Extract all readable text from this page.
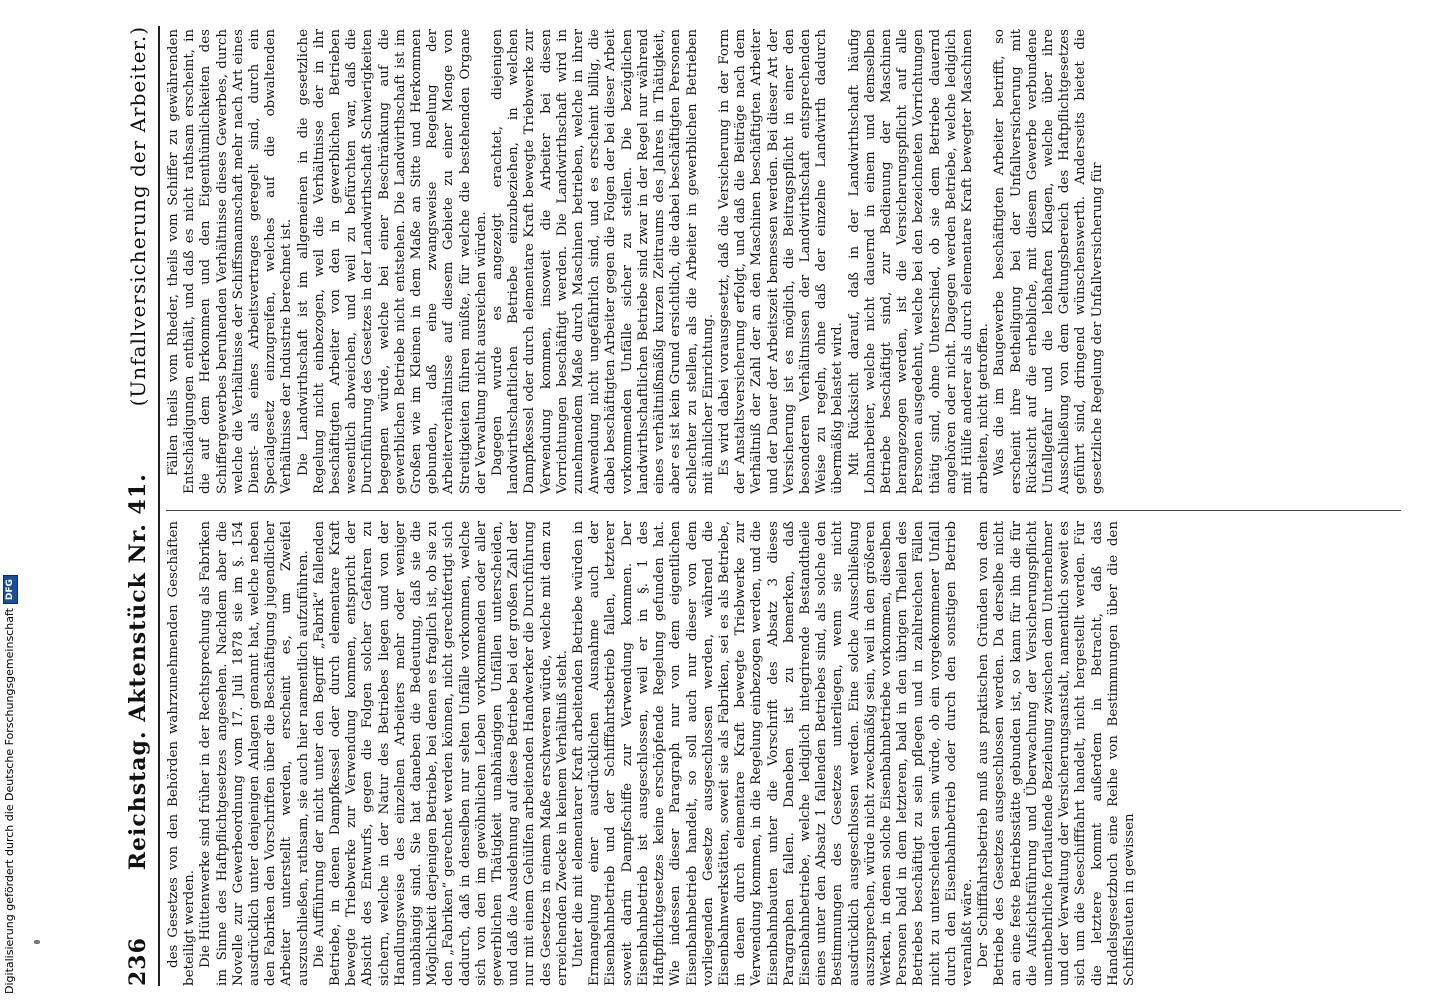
236
Reichstag. Aktenstück Nr. 41.
(Unfallversicherung der Arbeiter.)

des Gesetzes von den Behörden wahrzunehmenden Geschäften beteiligt werden. Die Hüttenwerke sind früher in der Rechtsprechung als Fabriken im Sinne des Haftpflichtgesetzes angesehen. Nachdem aber die Novelle zur Gewerbeordnung vom 17. Juli 1878 sie im §. 154 ausdrücklich unter denjenigen Anlagen genannt hat, welche neben den Fabriken den Vorschriften über die Beschäftigung jugendlicher Arbeiter unterstellt werden, erscheint es, um Zweifel auszuschließen, rathsam, sie auch hier namentlich aufzuführen. Die Aufführung der nicht unter den Begriff „Fabrik“ fallenden Betriebe, in denen Dampfkessel oder durch elementare Kraft bewegte Triebwerke zur Verwendung kommen, entspricht der Absicht des Entwurfs, gegen die Folgen solcher Gefahren zu sichern, welche in der Natur des Betriebes liegen und von der Handlungsweise des einzelnen Arbeiters mehr oder weniger unabhängig sind. Sie hat daneben die Bedeutung, daß sie die Möglichkeit derjenigen Betriebe, bei denen es fraglich ist, ob sie zu den „Fabriken“ gerechnet werden können, nicht gerechtfertigt sich dadurch, daß in denselben nur selten Unfälle vorkommen, welche sich von den im gewöhnlichen Leben vorkommenden oder aller gewerblichen Thätigkeit unabhängigen Unfällen unterscheiden, und daß die Ausdehnung auf diese Betriebe bei der großen Zahl der nur mit einem Gehülfen arbeitenden Handwerker die Durchführung des Gesetzes in einem Maße erschweren würde, welche mit dem zu erreichenden Zwecke in keinem Verhältniß steht. Unter die mit elementarer Kraft arbeitenden Betriebe würden in Ermangelung einer ausdrücklichen Ausnahme auch der Eisenbahnbetrieb und der Schifffahrtsbetrieb fallen, letzterer soweit darin Dampfschiffe zur Verwendung kommen. Der Eisenbahnbetrieb ist ausgeschlossen, weil er in §. 1 des Haftpflichtgesetzes keine erschöpfende Regelung gefunden hat. Wie indessen dieser Paragraph nur von dem eigentlichen Eisenbahnbetrieb handelt, so soll auch nur dieser von dem vorliegenden Gesetze ausgeschlossen werden, während die Eisenbahnwerkstätten, soweit sie als Fabriken, sei es als Betriebe, in denen durch elementare Kraft bewegte Triebwerke zur Verwendung kommen, in die Regelung einbezogen werden, und die Eisenbahnbauten unter die Vorschrift des Absatz 3 dieses Paragraphen fallen. Daneben ist zu bemerken, daß Eisenbahnbetriebe, welche lediglich integrirende Bestandtheile eines unter den Absatz 1 fallenden Betriebes sind, als solche den Bestimmungen des Gesetzes unterliegen, wenn sie nicht ausdrücklich ausgeschlossen werden. Eine solche Ausschließung auszusprechen, würde nicht zweckmäßig sein, weil in den größeren Werken, in denen solche Eisenbahnbetriebe vorkommen, dieselben Personen bald in dem letzteren, bald in den übrigen Theilen des Betriebes beschäftigt zu sein pflegen und in zahlreichen Fällen nicht zu unterscheiden sein würde, ob ein vorgekommener Unfall durch den Eisenbahnbetrieb oder durch den sonstigen Betrieb veranlaßt wäre. Der Schifffahrtsbetrieb muß aus praktischen Gründen von dem Betriebe des Gesetzes ausgeschlossen werden. Da derselbe nicht an eine feste Betriebsstätte gebunden ist, so kann für ihn die für die Aufsichtsführung und Überwachung der Versicherungspflicht unentbehrliche fortlaufende Beziehung zwischen dem Unternehmer und der Verwaltung der Versicherungsanstalt, namentlich soweit es sich um die Seeschifffahrt handelt, nicht hergestellt werden. Für die letztere kommt außerdem in Betracht, daß das Handelsgesetzbuch eine Reihe von Bestimmungen über die den Schiffsleuten in gewissen

Fällen theils vom Rheder, theils vom Schiffer zu gewährenden Entschädigungen enthält, und daß es nicht rathsam erscheint, in die auf dem Herkommen und den Eigenthümlichkeiten des Schiffergewerbes beruhenden Verhältnisse dieses Gewerbes, durch welche die Verhältnisse der Schiffsmannschaft mehr nach Art eines Dienst- als eines Arbeitsvertrages geregelt sind, durch ein Specialgesetz einzugreifen, welches auf die obwaltenden Verhältnisse der Industrie berechnet ist. Die Landwirthschaft ist im allgemeinen in die gesetzliche Regelung nicht einbezogen, weil die Verhältnisse der in ihr beschäftigten Arbeiter von den in gewerblichen Betrieben wesentlich abweichen, und weil zu befürchten war, daß die Durchführung des Gesetzes in der Landwirthschaft Schwierigkeiten begegnen würde, welche bei einer Beschränkung auf die gewerblichen Betriebe nicht entstehen. Die Landwirthschaft ist im Großen wie im Kleinen in dem Maße an Sitte und Herkommen gebunden, daß eine zwangsweise Regelung der Arbeiterverhältnisse auf diesem Gebiete zu einer Menge von Streitigkeiten führen müßte, für welche die bestehenden Organe der Verwaltung nicht ausreichen würden. Dagegen wurde es angezeigt erachtet, diejenigen landwirthschaftlichen Betriebe einzubeziehen, in welchen Dampfkessel oder durch elementare Kraft bewegte Triebwerke zur Verwendung kommen, insoweit die Arbeiter bei diesen Vorrichtungen beschäftigt werden. Die Landwirthschaft wird in zunehmendem Maße durch Maschinen betrieben, welche in ihrer Anwendung nicht ungefährlich sind, und es erscheint billig, die dabei beschäftigten Arbeiter gegen die Folgen der bei dieser Arbeit vorkommenden Unfälle sicher zu stellen. Die bezüglichen landwirthschaftlichen Betriebe sind zwar in der Regel nur während eines verhältnißmäßig kurzen Zeitraums des Jahres in Thätigkeit, aber es ist kein Grund ersichtlich, die dabei beschäftigten Personen schlechter zu stellen, als die Arbeiter in gewerblichen Betrieben mit ähnlicher Einrichtung. Es wird dabei vorausgesetzt, daß die Versicherung in der Form der Anstaltsversicherung erfolgt, und daß die Beiträge nach dem Verhältniß der Zahl der an den Maschinen beschäftigten Arbeiter und der Dauer der Arbeitszeit bemessen werden. Bei dieser Art der Versicherung ist es möglich, die Beitragspflicht in einer den besonderen Verhältnissen der Landwirthschaft entsprechenden Weise zu regeln, ohne daß der einzelne Landwirth dadurch übermäßig belastet wird. Mit Rücksicht darauf, daß in der Landwirthschaft häufig Lohnarbeiter, welche nicht dauernd in einem und demselben Betriebe beschäftigt sind, zur Bedienung der Maschinen herangezogen werden, ist die Versicherungspflicht auf alle Personen ausgedehnt, welche bei den bezeichneten Vorrichtungen thätig sind, ohne Unterschied, ob sie dem Betriebe dauernd angehören oder nicht. Dagegen werden Betriebe, welche lediglich mit Hülfe anderer als durch elementare Kraft bewegter Maschinen arbeiten, nicht getroffen. Was die im Baugewerbe beschäftigten Arbeiter betrifft, so erscheint ihre Betheiligung bei der Unfallversicherung mit Rücksicht auf die erhebliche, mit diesem Gewerbe verbundene Unfallgefahr und die lebhaften Klagen, welche über ihre Ausschließung von dem Geltungsbereich des Haftpflichtgesetzes geführt sind, dringend wünschenswerth. Anderseits bietet die gesetzliche Regelung der Unfallversicherung für

Digitalisierung gefördert durch die Deutsche Forschungsgemeinschaft
DFG
